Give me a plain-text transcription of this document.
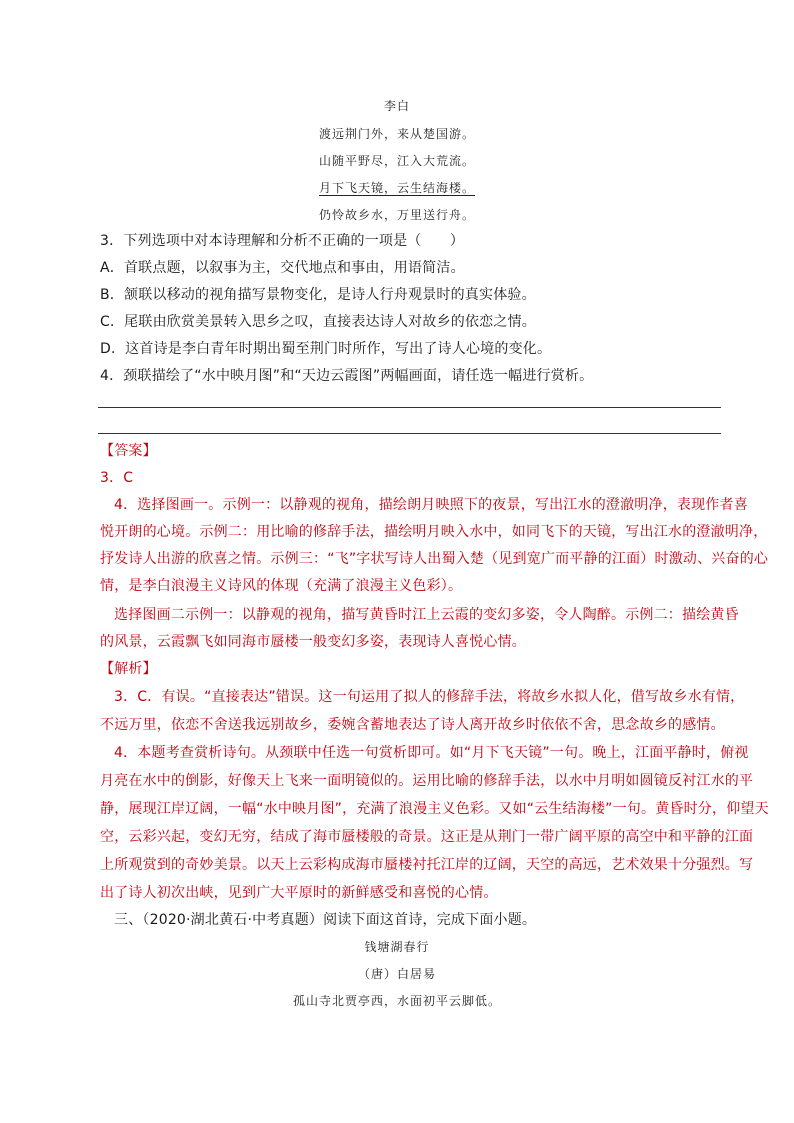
李白
渡远荆门外，来从楚国游。
山随平野尽，江入大荒流。
月下飞天镜，云生结海楼。
仍怜故乡水，万里送行舟。
3．下列选项中对本诗理解和分析不正确的一项是（　　）
A．首联点题，以叙事为主，交代地点和事由，用语简洁。
B．颔联以移动的视角描写景物变化，是诗人行舟观景时的真实体验。
C．尾联由欣赏美景转入思乡之叹，直接表达诗人对故乡的依恋之情。
D．这首诗是李白青年时期出蜀至荆门时所作，写出了诗人心境的变化。
4．颈联描绘了“水中映月图”和“天边云霞图”两幅画面，请任选一幅进行赏析。
【答案】
3．C
4．选择图画一。示例一：以静观的视角，描绘朗月映照下的夜景，写出江水的澄澈明净，表现作者喜
悦开朗的心境。示例二：用比喻的修辞手法，描绘明月映入水中，如同飞下的天镜，写出江水的澄澈明净，
抒发诗人出游的欣喜之情。示例三：“飞”字状写诗人出蜀入楚（见到宽广而平静的江面）时激动、兴奋的心
情，是李白浪漫主义诗风的体现（充满了浪漫主义色彩）。
选择图画二示例一：以静观的视角，描写黄昏时江上云霞的变幻多姿，令人陶醉。示例二：描绘黄昏
的风景，云霞飘飞如同海市蜃楼一般变幻多姿，表现诗人喜悦心情。
【解析】
3．C．有误。“直接表达”错误。这一句运用了拟人的修辞手法，将故乡水拟人化，借写故乡水有情，
不远万里，依恋不舍送我远别故乡，委婉含蓄地表达了诗人离开故乡时依依不舍，思念故乡的感情。
4．本题考查赏析诗句。从颈联中任选一句赏析即可。如“月下飞天镜”一句。晚上，江面平静时，俯视
月亮在水中的倒影，好像天上飞来一面明镜似的。运用比喻的修辞手法，以水中月明如圆镜反衬江水的平
静，展现江岸辽阔，一幅“水中映月图”，充满了浪漫主义色彩。又如“云生结海楼”一句。黄昏时分，仰望天
空，云彩兴起，变幻无穷，结成了海市蜃楼般的奇景。这正是从荆门一带广阔平原的高空中和平静的江面
上所观赏到的奇妙美景。以天上云彩构成海市蜃楼衬托江岸的辽阔，天空的高远，艺术效果十分强烈。写
出了诗人初次出峡，见到广大平原时的新鲜感受和喜悦的心情。
三、（2020·湖北黄石·中考真题）阅读下面这首诗，完成下面小题。
钱塘湖春行
（唐）白居易
孤山寺北贾亭西，水面初平云脚低。
